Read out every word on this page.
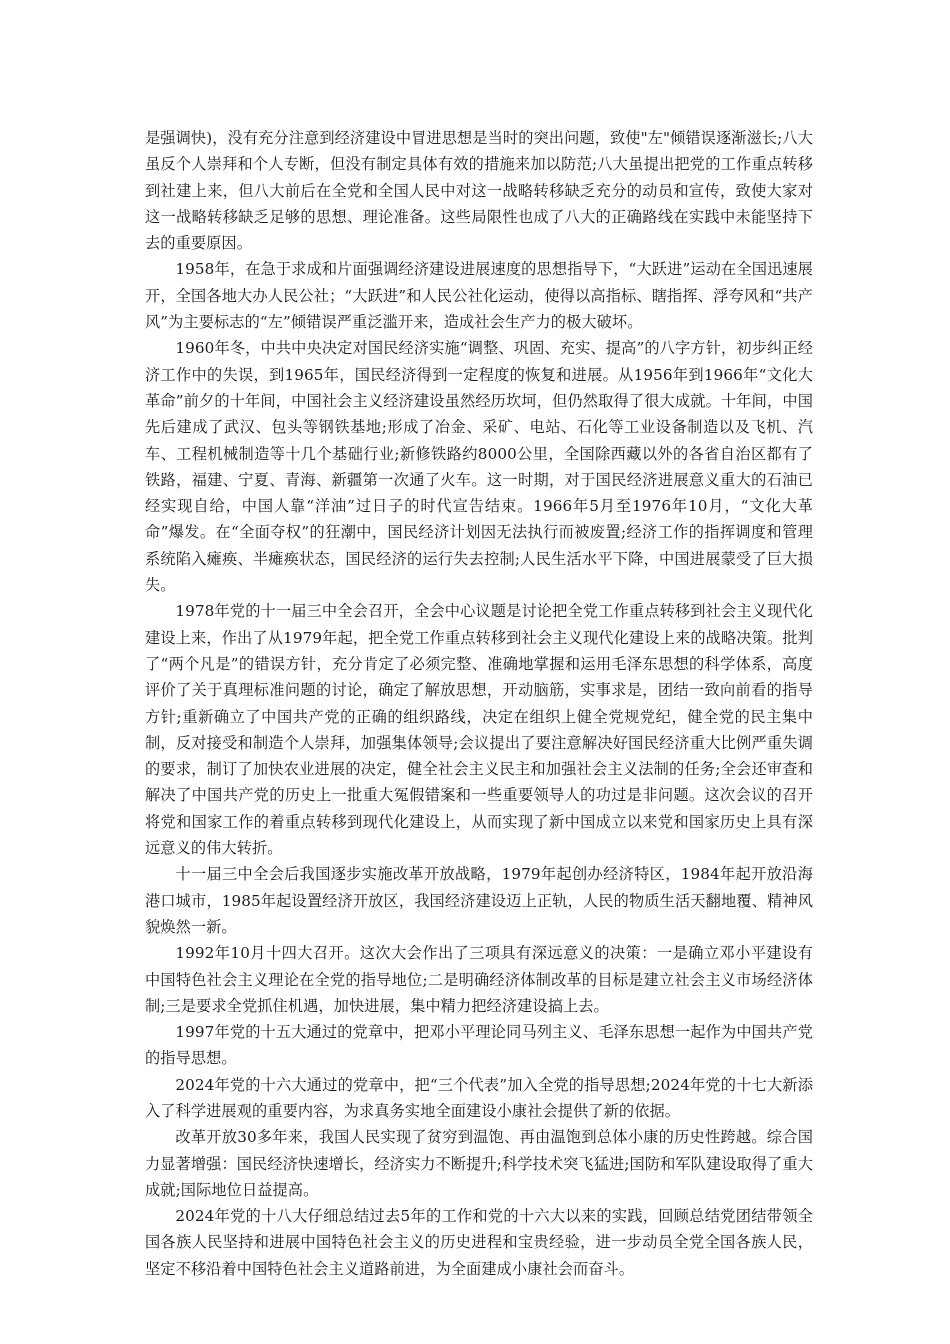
是强调快)，没有充分注意到经济建设中冒进思想是当时的突出问题，致使"左"倾错误逐渐滋长;八大虽反个人崇拜和个人专断，但没有制定具体有效的措施来加以防范;八大虽提出把党的工作重点转移到社建上来，但八大前后在全党和全国人民中对这一战略转移缺乏充分的动员和宣传，致使大家对这一战略转移缺乏足够的思想、理论准备。这些局限性也成了八大的正确路线在实践中未能坚持下去的重要原因。

1958年，在急于求成和片面强调经济建设进展速度的思想指导下，“大跃进”运动在全国迅速展开，全国各地大办人民公社；“大跃进”和人民公社化运动，使得以高指标、瞎指挥、浮夸风和“共产风”为主要标志的“左”倾错误严重泛滥开来，造成社会生产力的极大破坏。

1960年冬，中共中央决定对国民经济实施“调整、巩固、充实、提高”的八字方针，初步纠正经济工作中的失误，到1965年，国民经济得到一定程度的恢复和进展。从1956年到1966年“文化大革命”前夕的十年间，中国社会主义经济建设虽然经历坎坷，但仍然取得了很大成就。十年间，中国先后建成了武汉、包头等钢铁基地;形成了冶金、采矿、电站、石化等工业设备制造以及飞机、汽车、工程机械制造等十几个基础行业;新修铁路约8000公里，全国除西藏以外的各省自治区都有了铁路，福建、宁夏、青海、新疆第一次通了火车。这一时期，对于国民经济进展意义重大的石油已经实现自给，中国人靠“洋油”过日子的时代宣告结束。1966年5月至1976年10月，“文化大革命”爆发。在“全面夺权”的狂潮中，国民经济计划因无法执行而被废置;经济工作的指挥调度和管理系统陷入瘫痪、半瘫痪状态，国民经济的运行失去控制;人民生活水平下降，中国进展蒙受了巨大损失。

1978年党的十一届三中全会召开，全会中心议题是讨论把全党工作重点转移到社会主义现代化建设上来，作出了从1979年起，把全党工作重点转移到社会主义现代化建设上来的战略决策。批判了“两个凡是”的错误方针，充分肯定了必须完整、准确地掌握和运用毛泽东思想的科学体系，高度评价了关于真理标准问题的讨论，确定了解放思想，开动脑筋，实事求是，团结一致向前看的指导方针;重新确立了中国共产党的正确的组织路线，决定在组织上健全党规党纪，健全党的民主集中制，反对接受和制造个人崇拜，加强集体领导;会议提出了要注意解决好国民经济重大比例严重失调的要求，制订了加快农业进展的决定，健全社会主义民主和加强社会主义法制的任务;全会还审查和解决了中国共产党的历史上一批重大冤假错案和一些重要领导人的功过是非问题。这次会议的召开将党和国家工作的着重点转移到现代化建设上，从而实现了新中国成立以来党和国家历史上具有深远意义的伟大转折。

十一届三中全会后我国逐步实施改革开放战略，1979年起创办经济特区，1984年起开放沿海港口城市，1985年起设置经济开放区，我国经济建设迈上正轨，人民的物质生活天翻地覆、精神风貌焕然一新。

1992年10月十四大召开。这次大会作出了三项具有深远意义的决策：一是确立邓小平建设有中国特色社会主义理论在全党的指导地位;二是明确经济体制改革的目标是建立社会主义市场经济体制;三是要求全党抓住机遇，加快进展，集中精力把经济建设搞上去。

1997年党的十五大通过的党章中，把邓小平理论同马列主义、毛泽东思想一起作为中国共产党的指导思想。

2024年党的十六大通过的党章中，把“三个代表”加入全党的指导思想;2024年党的十七大新添入了科学进展观的重要内容，为求真务实地全面建设小康社会提供了新的依据。

改革开放30多年来，我国人民实现了贫穷到温饱、再由温饱到总体小康的历史性跨越。综合国力显著增强：国民经济快速增长，经济实力不断提升;科学技术突飞猛进;国防和军队建设取得了重大成就;国际地位日益提高。

2024年党的十八大仔细总结过去5年的工作和党的十六大以来的实践，回顾总结党团结带领全国各族人民坚持和进展中国特色社会主义的历史进程和宝贵经验，进一步动员全党全国各族人民，坚定不移沿着中国特色社会主义道路前进，为全面建成小康社会而奋斗。
